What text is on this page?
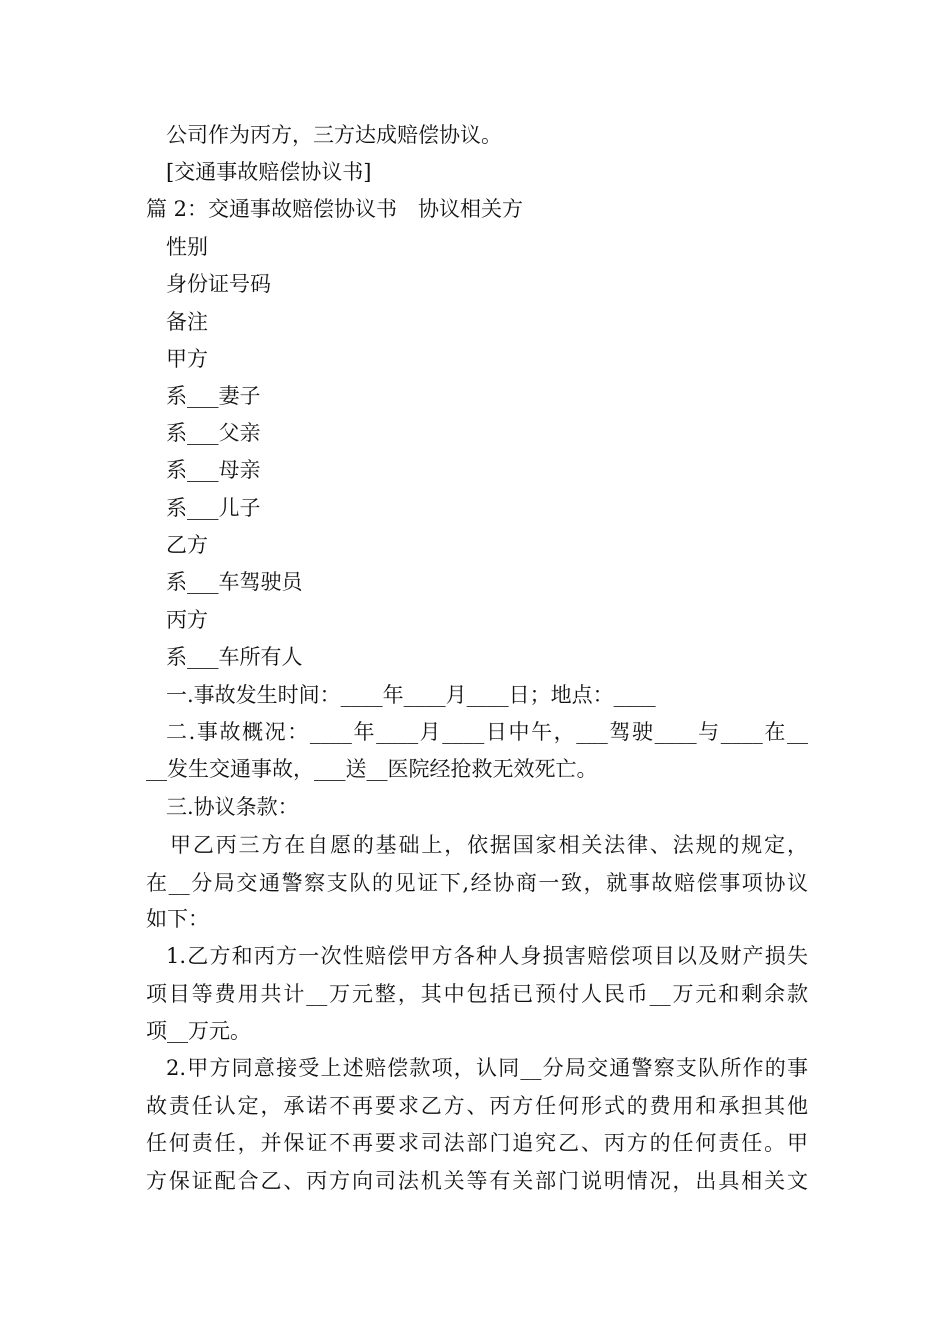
公司作为丙方，三方达成赔偿协议。
[交通事故赔偿协议书]
篇 2：交通事故赔偿协议书　协议相关方
性别
身份证号码
备注
甲方
系___妻子
系___父亲
系___母亲
系___儿子
乙方
系___车驾驶员
丙方
系___车所有人
一.事故发生时间：____年____月____日；地点：____
二.事故概况：____年____月____日中午，___驾驶____与____在__
__发生交通事故，___送__医院经抢救无效死亡。
三.协议条款：
甲乙丙三方在自愿的基础上，依据国家相关法律、法规的规定，
在__分局交通警察支队的见证下,经协商一致，就事故赔偿事项协议
如下：
1.乙方和丙方一次性赔偿甲方各种人身损害赔偿项目以及财产损失
项目等费用共计__万元整，其中包括已预付人民币__万元和剩余款
项__万元。
2.甲方同意接受上述赔偿款项，认同__分局交通警察支队所作的事
故责任认定，承诺不再要求乙方、丙方任何形式的费用和承担其他
任何责任，并保证不再要求司法部门追究乙、丙方的任何责任。甲
方保证配合乙、丙方向司法机关等有关部门说明情况，出具相关文
